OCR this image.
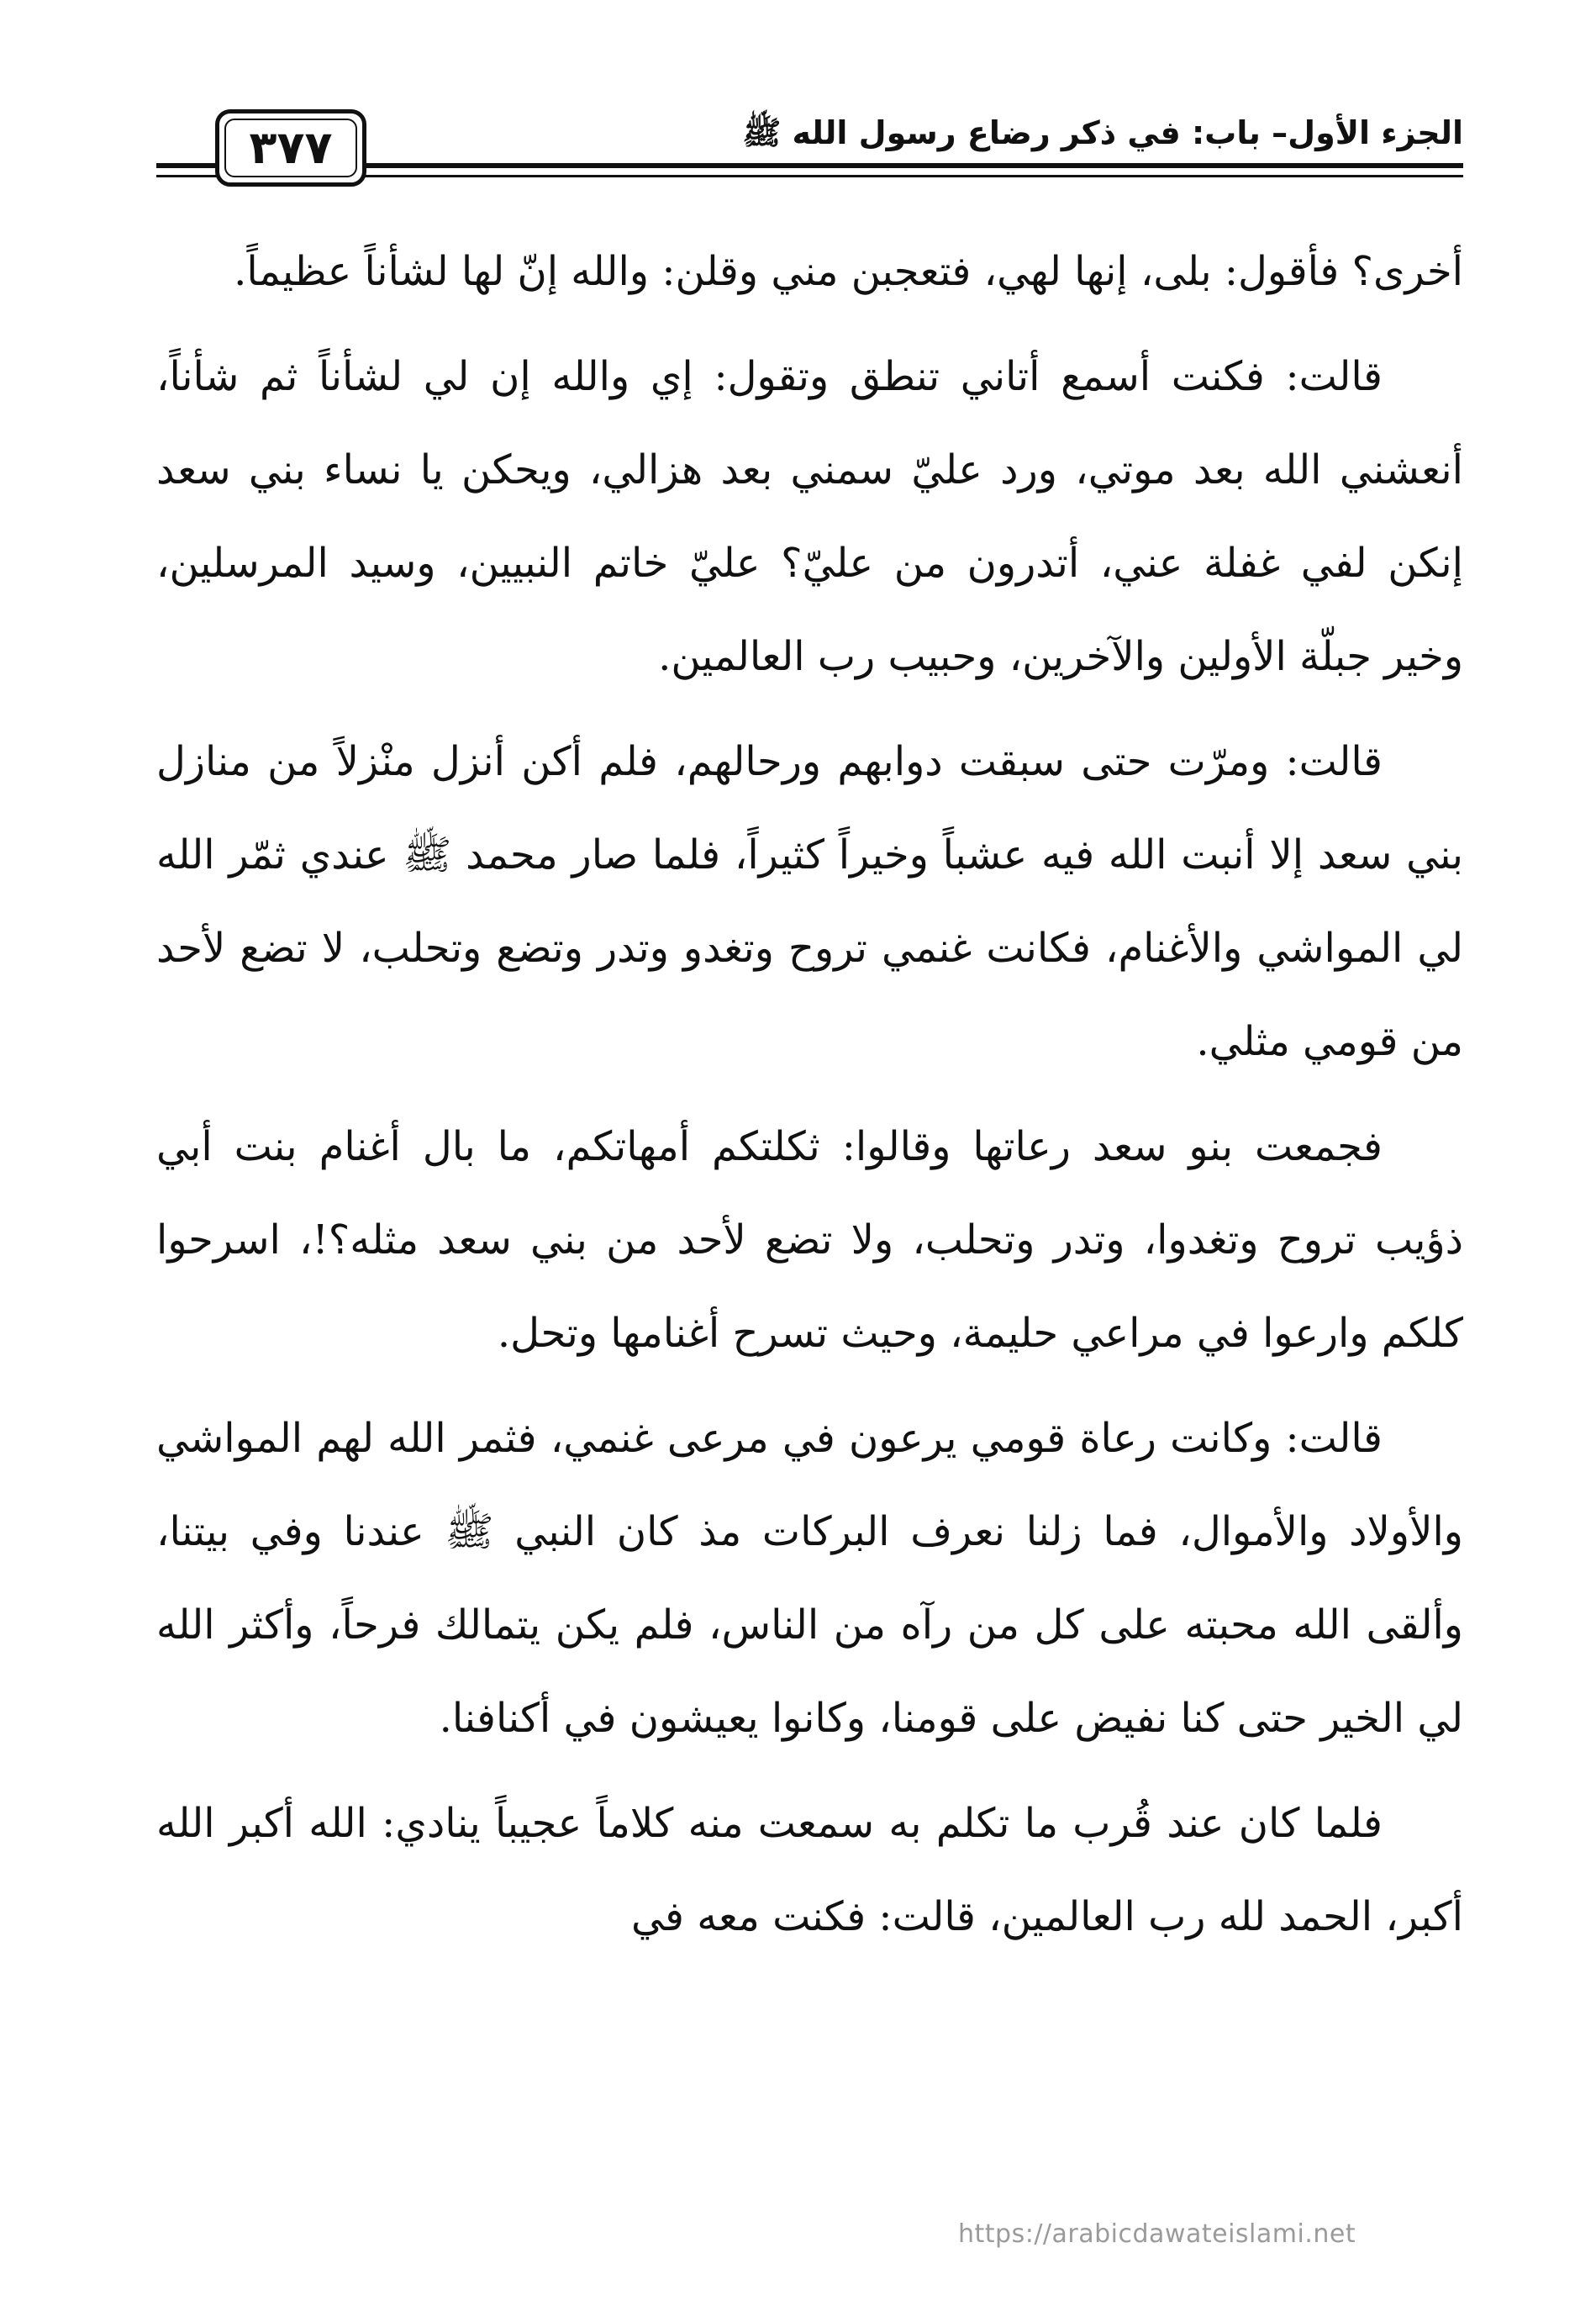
٣٧٧	الجزء الأول– باب: في ذكر رضاع رسول الله ﷺ

أخرى؟ فأقول: بلى، إنها لهي، فتعجبن مني وقلن: والله إنّ لها لشأناً عظيماً.

قالت: فكنت أسمع أتاني تنطق وتقول: إي والله إن لي لشأناً ثم شأناً، أنعشني الله بعد موتي، ورد عليّ سمني بعد هزالي، ويحكن يا نساء بني سعد إنكن لفي غفلة عني، أتدرون من عليّ؟ عليّ خاتم النبيين، وسيد المرسلين، وخير جبلّة الأولين والآخرين، وحبيب رب العالمين.

قالت: ومرّت حتى سبقت دوابهم ورحالهم، فلم أكن أنزل منْزلاً من منازل بني سعد إلا أنبت الله فيه عشباً وخيراً كثيراً، فلما صار محمد ﷺ عندي ثمّر الله لي المواشي والأغنام، فكانت غنمي تروح وتغدو وتدر وتضع وتحلب، لا تضع لأحد من قومي مثلي.

فجمعت بنو سعد رعاتها وقالوا: ثكلتكم أمهاتكم، ما بال أغنام بنت أبي ذؤيب تروح وتغدوا، وتدر وتحلب، ولا تضع لأحد من بني سعد مثله؟!، اسرحوا كلكم وارعوا في مراعي حليمة، وحيث تسرح أغنامها وتحل.

قالت: وكانت رعاة قومي يرعون في مرعى غنمي، فثمر الله لهم المواشي والأولاد والأموال، فما زلنا نعرف البركات مذ كان النبي ﷺ عندنا وفي بيتنا، وألقى الله محبته على كل من رآه من الناس، فلم يكن يتمالك فرحاً، وأكثر الله لي الخير حتى كنا نفيض على قومنا، وكانوا يعيشون في أكنافنا.

فلما كان عند قُرب ما تكلم به سمعت منه كلاماً عجيباً ينادي: الله أكبر الله أكبر، الحمد لله رب العالمين، قالت: فكنت معه في

https://arabicdawateislami.net
